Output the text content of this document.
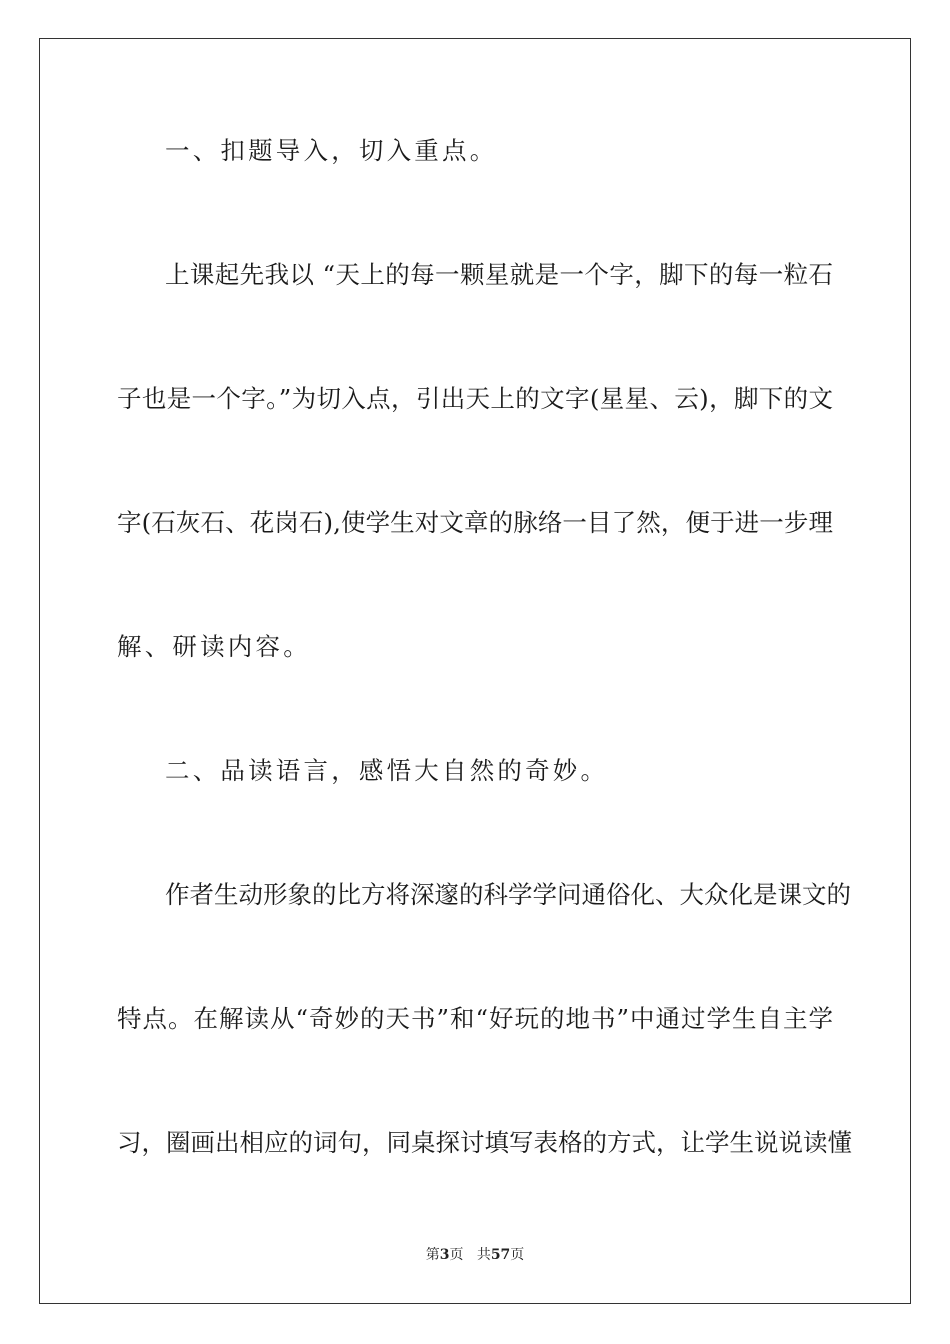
一、扣题导入，切入重点。
上课起先我以 “天上的每一颗星就是一个字，脚下的每一粒石
子也是一个字。”为切入点，引出天上的文字(星星、云)，脚下的文
字(石灰石、花岗石),使学生对文章的脉络一目了然，便于进一步理
解、研读内容。
二、品读语言，感悟大自然的奇妙。
作者生动形象的比方将深邃的科学学问通俗化、大众化是课文的
特点。在解读从“奇妙的天书”和“好玩的地书”中通过学生自主学
习，圈画出相应的词句，同桌探讨填写表格的方式，让学生说说读懂
第3页 共57页
